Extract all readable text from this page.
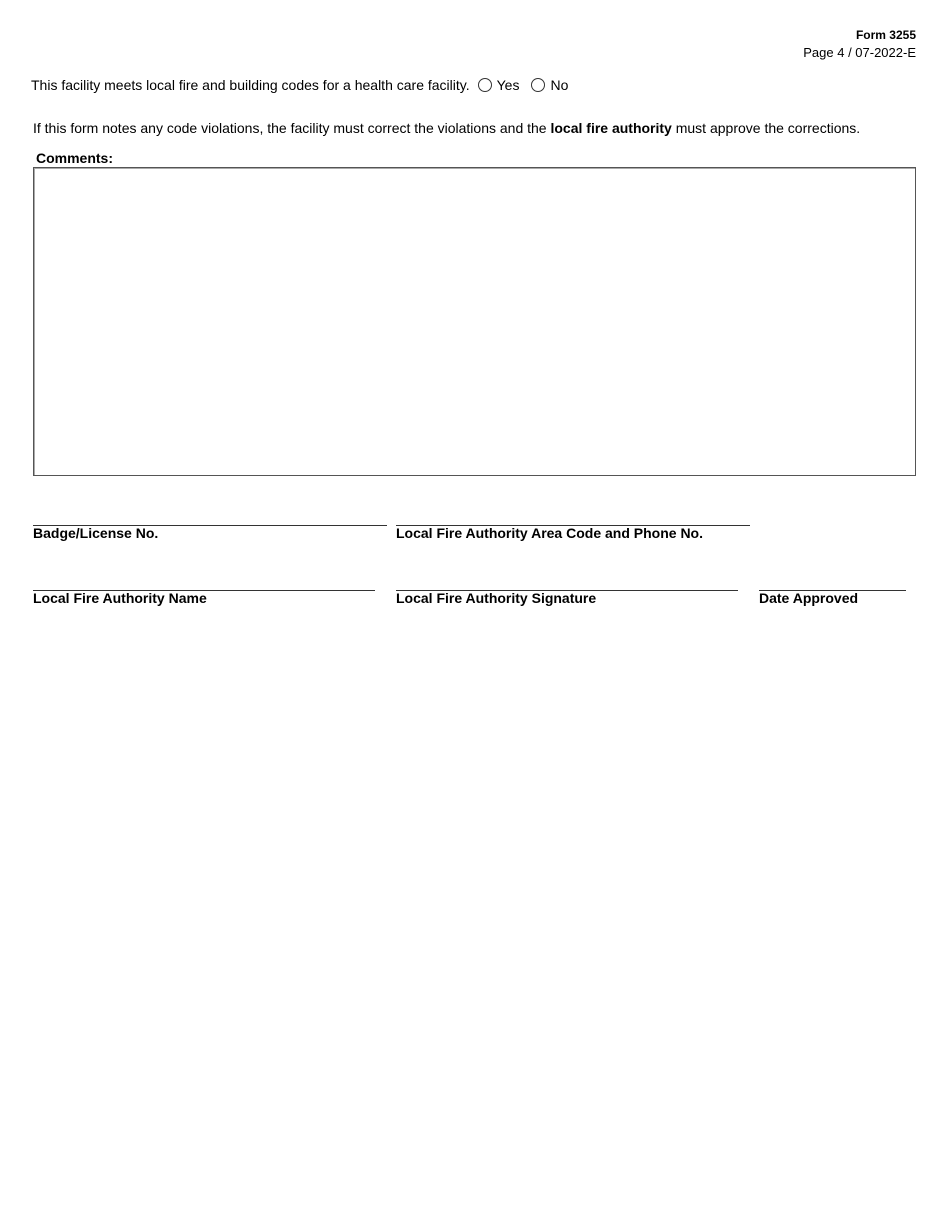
Form 3255
Page 4 / 07-2022-E
This facility meets local fire and building codes for a health care facility. Yes No
If this form notes any code violations, the facility must correct the violations and the local fire authority must approve the corrections.
Comments:
Badge/License No.	Local Fire Authority Area Code and Phone No.
Local Fire Authority Name	Local Fire Authority Signature	Date Approved
